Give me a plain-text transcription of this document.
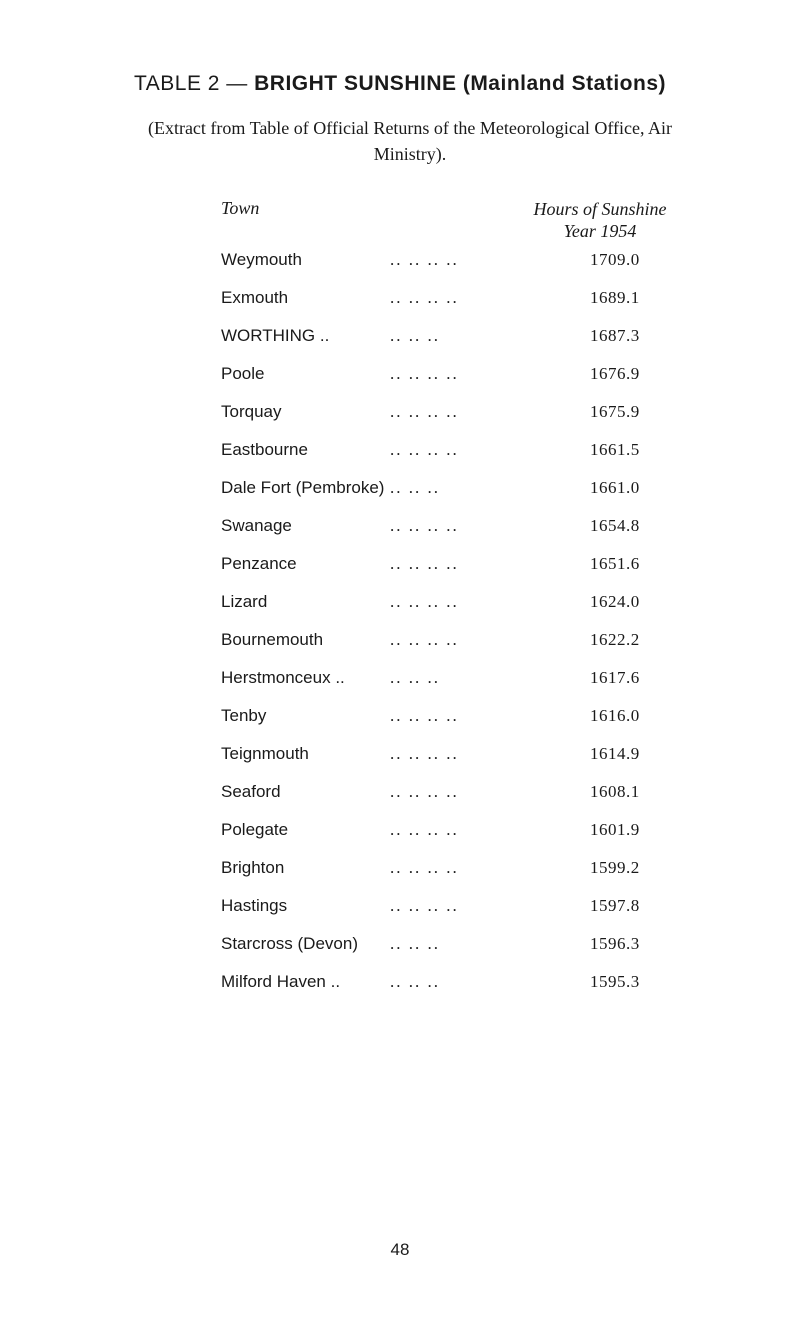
TABLE 2 — BRIGHT SUNSHINE (Mainland Stations)
(Extract from Table of Official Returns of the Meteorological Office, Air Ministry).
Town	Hours of Sunshine
Year 1954
Weymouth	.. .. .. ..	1709.0
Exmouth	.. .. .. ..	1689.1
WORTHING ..	.. .. ..	1687.3
Poole	.. .. .. ..	1676.9
Torquay	.. .. .. ..	1675.9
Eastbourne	.. .. .. ..	1661.5
Dale Fort (Pembroke) .. .. ..	1661.0
Swanage	.. .. .. ..	1654.8
Penzance	.. .. .. ..	1651.6
Lizard	.. .. .. ..	1624.0
Bournemouth	.. .. .. ..	1622.2
Herstmonceux ..	.. .. ..	1617.6
Tenby	.. .. .. ..	1616.0
Teignmouth	.. .. .. ..	1614.9
Seaford	.. .. .. ..	1608.1
Polegate	.. .. .. ..	1601.9
Brighton	.. .. .. ..	1599.2
Hastings	.. .. .. ..	1597.8
Starcross (Devon) .. .. ..	1596.3
Milford Haven ..	.. .. ..	1595.3
48
